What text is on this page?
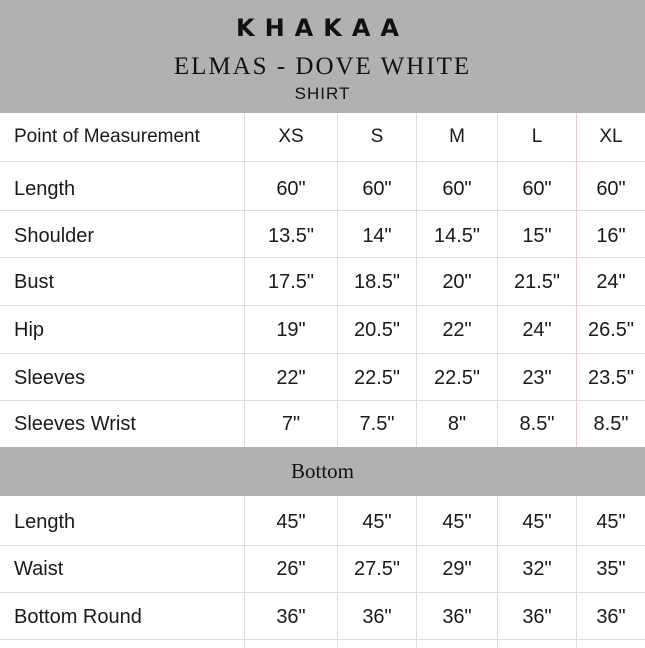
KHAKAA
ELMAS - DOVE WHITE
SHIRT
Point of Measurement	XS	S	M	L	XL
Length	60"	60"	60"	60"	60"
Shoulder	13.5"	14"	14.5"	15"	16"
Bust	17.5"	18.5"	20"	21.5"	24"
Hip	19"	20.5"	22"	24"	26.5"
Sleeves	22"	22.5"	22.5"	23"	23.5"
Sleeves Wrist	7"	7.5"	8"	8.5"	8.5"
Bottom
Length	45"	45"	45"	45"	45"
Waist	26"	27.5"	29"	32"	35"
Bottom Round	36"	36"	36"	36"	36"
